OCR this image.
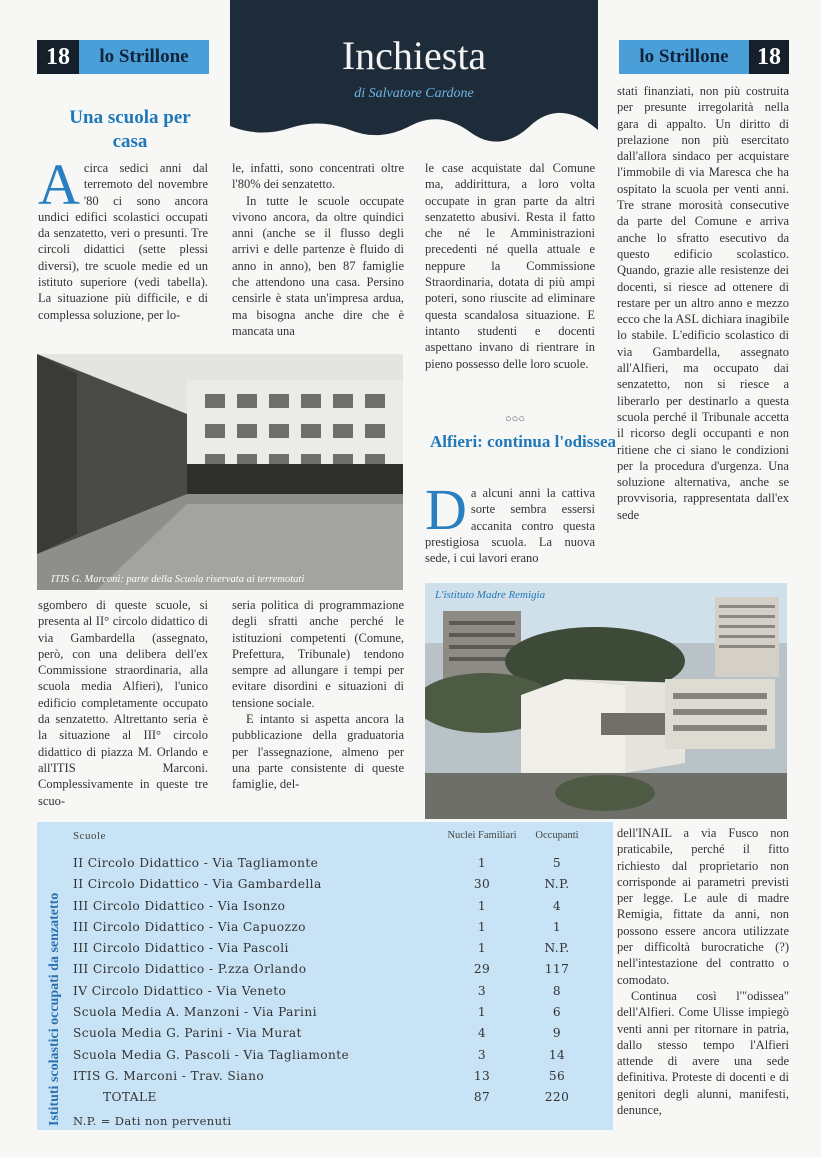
18	lo Strillone	Inchiesta
di Salvatore Cardone
lo Strillone	18
Una scuola per casa
A circa sedici anni dal terremoto del novembre '80 ci sono ancora undici edifici scolastici occupati da senzatetto, veri o presunti. Tre circoli didattici (sette plessi diversi), tre scuole medie ed un istituto superiore (vedi tabella). La situazione più difficile, e di complessa soluzione, per lo-

le, infatti, sono concentrati oltre l'80% dei senzatetto.

In tutte le scuole occupate vivono ancora, da oltre quindici anni (anche se il flusso degli arrivi e delle partenze è fluido di anno in anno), ben 87 famiglie che attendono una casa. Persino censirle è stata un'impresa ardua, ma bisogna anche dire che è mancata una

le case acquistate dal Comune ma, addirittura, a loro volta occupate in gran parte da altri senzatetto abusivi. Resta il fatto che né le Amministrazioni precedenti né quella attuale e neppure la Commissione Straordinaria, dotata di più ampi poteri, sono riuscite ad eliminare questa scandalosa situazione. E intanto studenti e docenti aspettano invano di rientrare in pieno possesso delle loro scuole.
ITIS G. Marconi: parte della Scuola riservata ai terremotati
○○○
Alfieri: continua l'odissea
D a alcuni anni la cattiva sorte sembra essersi accanita contro questa prestigiosa scuola. La nuova sede, i cui lavori erano
stati finanziati, non più costruita per presunte irregolarità nella gara di appalto. Un diritto di prelazione non più esercitato dall'allora sindaco per acquistare l'immobile di via Maresca che ha ospitato la scuola per venti anni. Tre strane morosità consecutive da parte del Comune e arriva anche lo sfratto esecutivo da questo edificio scolastico. Quando, grazie alle resistenze dei docenti, si riesce ad ottenere di restare per un altro anno e mezzo ecco che la ASL dichiara inagibile lo stabile. L'edificio scolastico di via Gambardella, assegnato all'Alfieri, ma occupato dai senzatetto, non si riesce a liberarlo per destinarlo a questa scuola perché il Tribunale accetta il ricorso degli occupanti e non ritiene che ci siano le condizioni per la procedura d'urgenza. Una soluzione alternativa, anche se provvisoria, rappresentata dall'ex sede
sgombero di queste scuole, si presenta al II° circolo didattico di via Gambardella (assegnato, però, con una delibera dell'ex Commissione straordinaria, alla scuola media Alfieri), l'unico edificio completamente occupato da senzatetto. Altrettanto seria è la situazione al III° circolo didattico di piazza M. Orlando e all'ITIS Marconi. Complessivamente in queste tre scuo-

seria politica di programmazione degli sfratti anche perché le istituzioni competenti (Comune, Prefettura, Tribunale) tendono sempre ad allungare i tempi per evitare disordini e situazioni di tensione sociale.

E intanto si aspetta ancora la pubblicazione della graduatoria per l'assegnazione, almeno per una parte consistente di queste famiglie, del-

L'istituto Madre Remigia
Istituti scolastici occupati da senzatetto
Scuole	Nuclei Familiari	Occupanti
II Circolo Didattico - Via Tagliamonte	1	5
II Circolo Didattico - Via Gambardella	30	N.P.
III Circolo Didattico - Via Isonzo	1	4
III Circolo Didattico - Via Capuozzo	1	1
III Circolo Didattico - Via Pascoli	1	N.P.
III Circolo Didattico - P.zza Orlando	29	117
IV Circolo Didattico - Via Veneto	3	8
Scuola Media A. Manzoni - Via Parini	1	6
Scuola Media G. Parini - Via Murat	4	9
Scuola Media G. Pascoli - Via Tagliamonte	3	14
ITIS G. Marconi - Trav. Siano	13	56
TOTALE	87	220
N.P. = Dati non pervenuti

dell'INAIL a via Fusco non praticabile, perché il fitto richiesto dal proprietario non corrisponde ai parametri previsti per legge. Le aule di madre Remigia, fittate da anni, non possono essere ancora utilizzate per difficoltà burocratiche (?) nell'intestazione del contratto o comodato.

Continua così l'"odissea" dell'Alfieri. Come Ulisse impiegò venti anni per ritornare in patria, dallo stesso tempo l'Alfieri attende di avere una sede definitiva. Proteste di docenti e di genitori degli alunni, manifesti, denunce,
